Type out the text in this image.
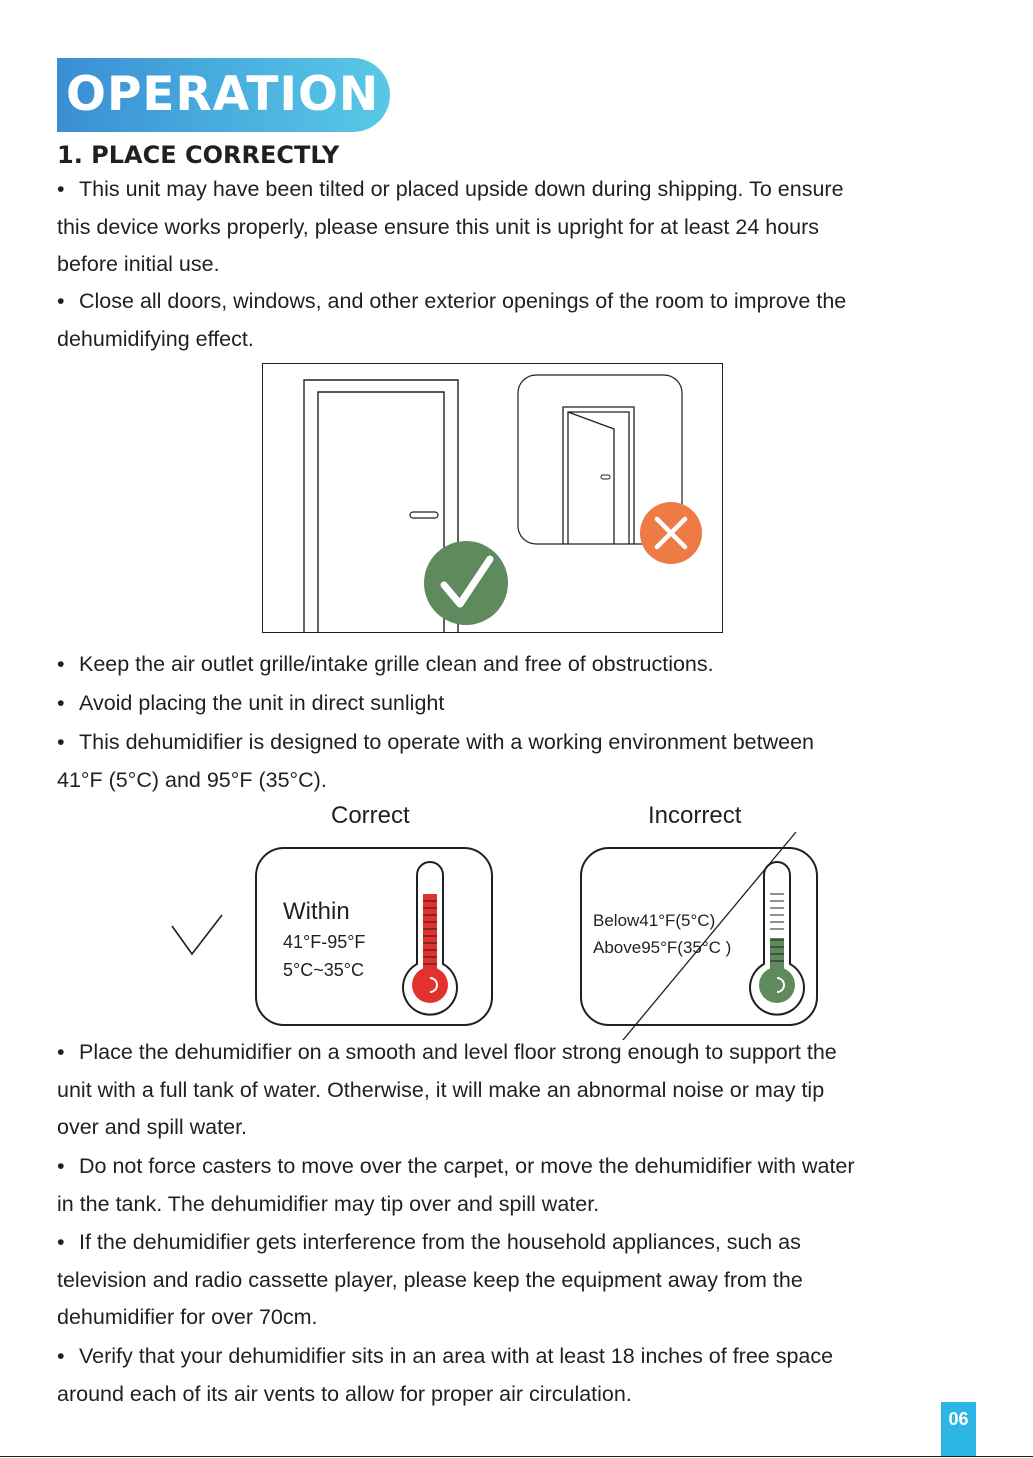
OPERATION
1. PLACE CORRECTLY
• This unit may have been tilted or placed upside down during shipping. To ensure
this device works properly, please ensure this unit is upright for at least 24 hours
before initial use.
• Close all doors, windows, and other exterior openings of the room to improve the
dehumidifying effect.
• Keep the air outlet grille/intake grille clean and free of obstructions.
• Avoid placing the unit in direct sunlight
• This dehumidifier is designed to operate with a working environment between
41°F (5°C) and 95°F (35°C).
Correct	Incorrect
Within
41°F-95°F
5°C~35°C
Below41°F(5°C)
Above95°F(35°C )
• Place the dehumidifier on a smooth and level floor strong enough to support the
unit with a full tank of water. Otherwise, it will make an abnormal noise or may tip
over and spill water.
• Do not force casters to move over the carpet, or move the dehumidifier with water
in the tank. The dehumidifier may tip over and spill water.
• If the dehumidifier gets interference from the household appliances, such as
television and radio cassette player, please keep the equipment away from the
dehumidifier for over 70cm.
• Verify that your dehumidifier sits in an area with at least 18 inches of free space
around each of its air vents to allow for proper air circulation.
06
